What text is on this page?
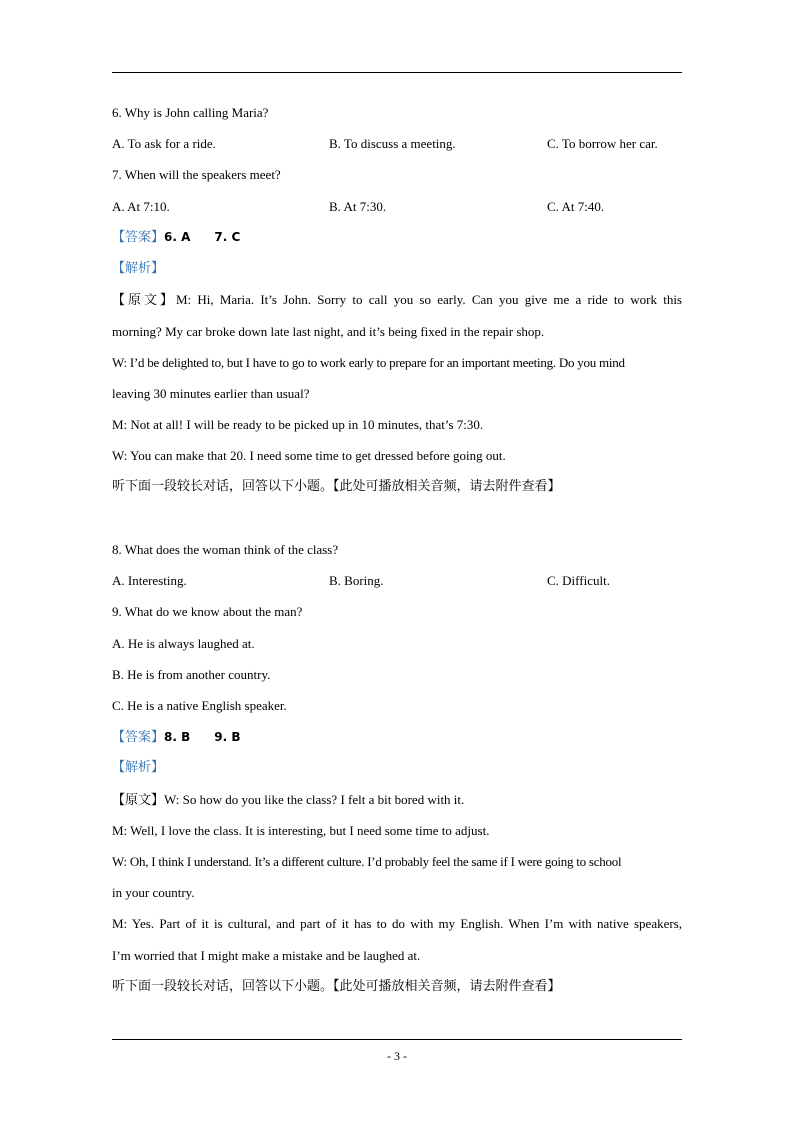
6. Why is John calling Maria?
A. To ask for a ride.	B. To discuss a meeting.	C. To borrow her car.
7. When will the speakers meet?
A. At 7:10.	B. At 7:30.	C. At 7:40.
【答案】6. A 7. C
【解析】
【原文】M: Hi, Maria. It’s John. Sorry to call you so early. Can you give me a ride to work this
morning? My car broke down late last night, and it’s being fixed in the repair shop.
W: I’d be delighted to, but I have to go to work early to prepare for an important meeting. Do you mind
leaving 30 minutes earlier than usual?
M: Not at all! I will be ready to be picked up in 10 minutes, that’s 7:30.
W: You can make that 20. I need some time to get dressed before going out.
听下面一段较长对话，回答以下小题。【此处可播放相关音频，请去附件查看】
8. What does the woman think of the class?
A. Interesting.	B. Boring.	C. Difficult.
9. What do we know about the man?
A. He is always laughed at.
B. He is from another country.
C. He is a native English speaker.
【答案】8. B 9. B
【解析】
【原文】W: So how do you like the class? I felt a bit bored with it.
M: Well, I love the class. It is interesting, but I need some time to adjust.
W: Oh, I think I understand. It’s a different culture. I’d probably feel the same if I were going to school
in your country.
M: Yes. Part of it is cultural, and part of it has to do with my English. When I’m with native speakers,
I’m worried that I might make a mistake and be laughed at.
听下面一段较长对话，回答以下小题。【此处可播放相关音频，请去附件查看】
- 3 -
